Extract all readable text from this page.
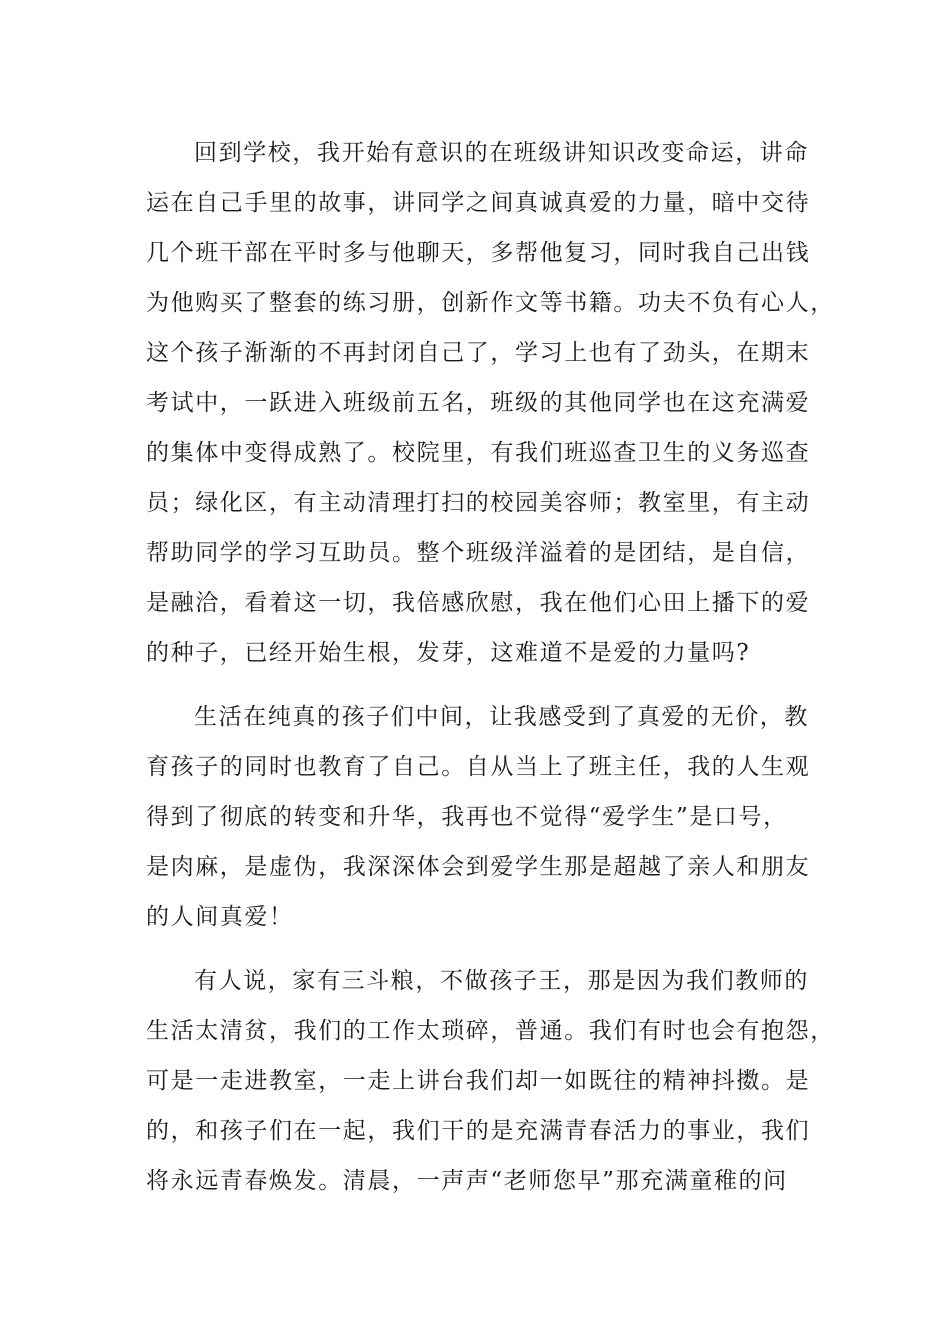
回到学校，我开始有意识的在班级讲知识改变命运，讲命
运在自己手里的故事，讲同学之间真诚真爱的力量，暗中交待
几个班干部在平时多与他聊天，多帮他复习，同时我自己出钱
为他购买了整套的练习册，创新作文等书籍。功夫不负有心人，
这个孩子渐渐的不再封闭自己了，学习上也有了劲头，在期末
考试中，一跃进入班级前五名，班级的其他同学也在这充满爱
的集体中变得成熟了。校院里，有我们班巡查卫生的义务巡查
员；绿化区，有主动清理打扫的校园美容师；教室里，有主动
帮助同学的学习互助员。整个班级洋溢着的是团结，是自信，
是融洽，看着这一切，我倍感欣慰，我在他们心田上播下的爱
的种子，已经开始生根，发芽，这难道不是爱的力量吗?
生活在纯真的孩子们中间，让我感受到了真爱的无价，教
育孩子的同时也教育了自己。自从当上了班主任，我的人生观
得到了彻底的转变和升华，我再也不觉得“爱学生”是口号，
是肉麻，是虚伪，我深深体会到爱学生那是超越了亲人和朋友
的人间真爱！
有人说，家有三斗粮，不做孩子王，那是因为我们教师的
生活太清贫，我们的工作太琐碎，普通。我们有时也会有抱怨，
可是一走进教室，一走上讲台我们却一如既往的精神抖擞。是
的，和孩子们在一起，我们干的是充满青春活力的事业，我们
将永远青春焕发。清晨，一声声“老师您早”那充满童稚的问
